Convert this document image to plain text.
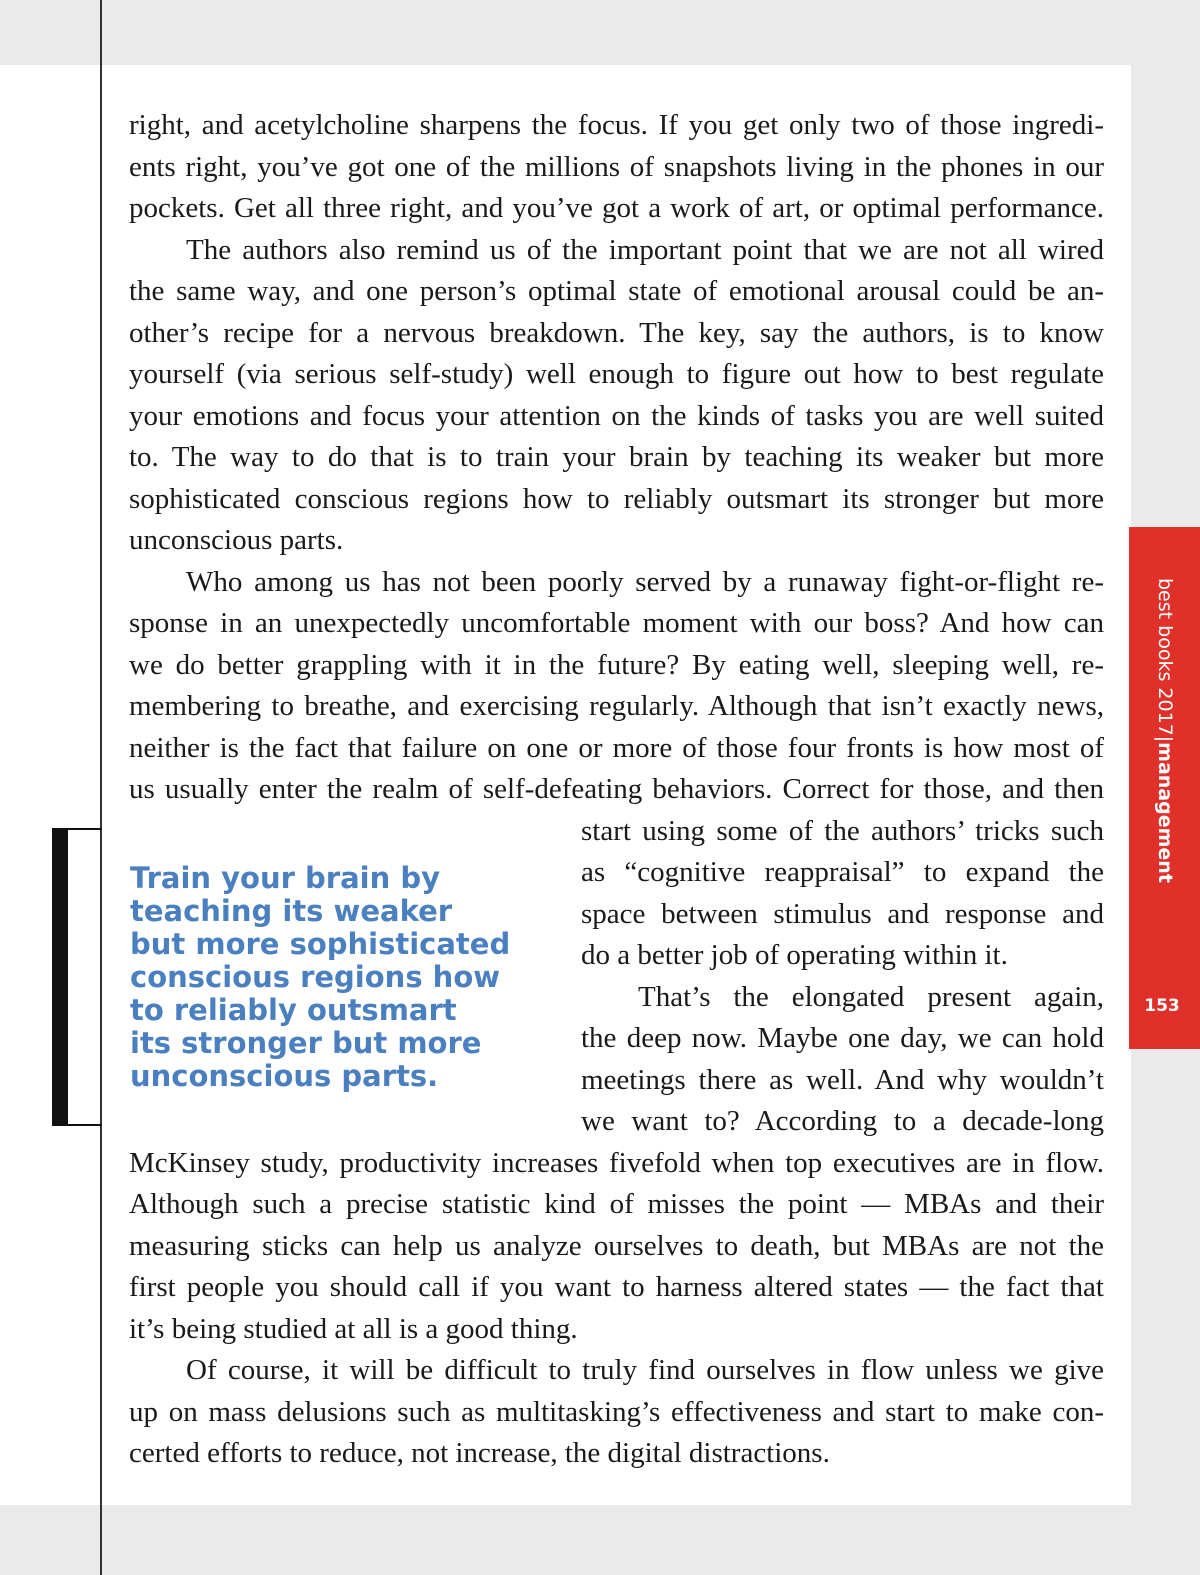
right, and acetylcholine sharpens the focus. If you get only two of those ingredi-
ents right, you’ve got one of the millions of snapshots living in the phones in our
pockets. Get all three right, and you’ve got a work of art, or optimal performance.
The authors also remind us of the important point that we are not all wired
the same way, and one person’s optimal state of emotional arousal could be an-
other’s recipe for a nervous breakdown. The key, say the authors, is to know
yourself (via serious self-study) well enough to figure out how to best regulate
your emotions and focus your attention on the kinds of tasks you are well suited
to. The way to do that is to train your brain by teaching its weaker but more
sophisticated conscious regions how to reliably outsmart its stronger but more
unconscious parts.
Who among us has not been poorly served by a runaway fight-or-flight re-
sponse in an unexpectedly uncomfortable moment with our boss? And how can
we do better grappling with it in the future? By eating well, sleeping well, re-
membering to breathe, and exercising regularly. Although that isn’t exactly news,
neither is the fact that failure on one or more of those four fronts is how most of
us usually enter the realm of self-defeating behaviors. Correct for those, and then
start using some of the authors’ tricks such
as “cognitive reappraisal” to expand the
space between stimulus and response and
do a better job of operating within it.
That’s the elongated present again,
the deep now. Maybe one day, we can hold
meetings there as well. And why wouldn’t
we want to? According to a decade-long
McKinsey study, productivity increases fivefold when top executives are in flow.
Although such a precise statistic kind of misses the point — MBAs and their
measuring sticks can help us analyze ourselves to death, but MBAs are not the
first people you should call if you want to harness altered states — the fact that
it’s being studied at all is a good thing.
Of course, it will be difficult to truly find ourselves in flow unless we give
up on mass delusions such as multitasking’s effectiveness and start to make con-
certed efforts to reduce, not increase, the digital distractions.
Train your brain by
teaching its weaker
but more sophisticated
conscious regions how
to reliably outsmart
its stronger but more
unconscious parts.
best books 2017|management
153
